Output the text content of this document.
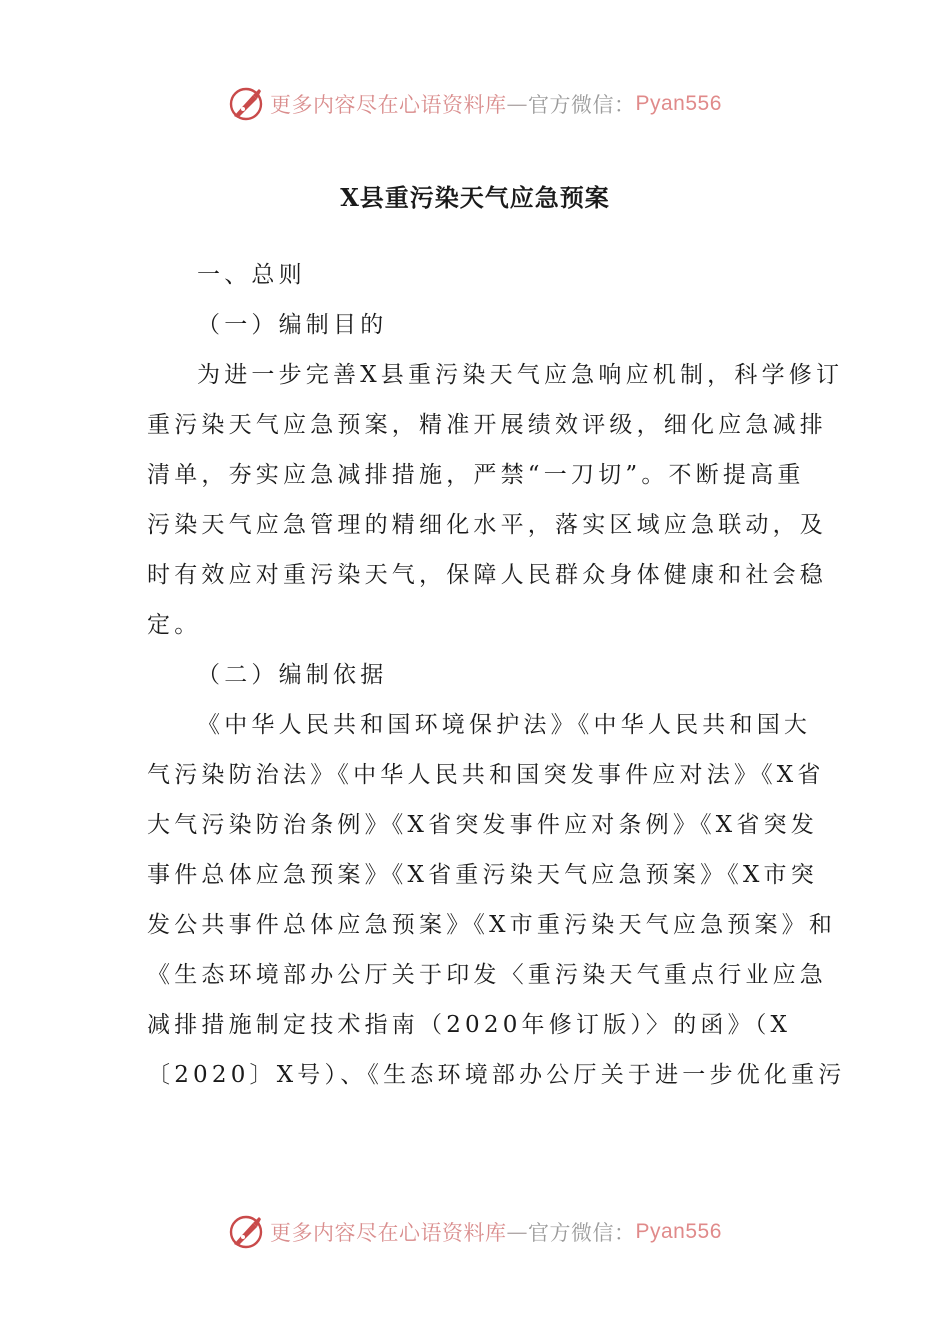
更多内容尽在心语资料库 — 官方微信： Pyan556
X县重污染天气应急预案
一、总则
（一）编制目的
为进一步完善X县重污染天气应急响应机制，科学修订
重污染天气应急预案，精准开展绩效评级，细化应急减排
清单，夯实应急减排措施，严禁“一刀切”。不断提高重
污染天气应急管理的精细化水平，落实区域应急联动，及
时有效应对重污染天气，保障人民群众身体健康和社会稳
定。
（二）编制依据
《中华人民共和国环境保护法》《中华人民共和国大
气污染防治法》《中华人民共和国突发事件应对法》《X省
大气污染防治条例》《X省突发事件应对条例》《X省突发
事件总体应急预案》《X省重污染天气应急预案》《X市突
发公共事件总体应急预案》《X市重污染天气应急预案》和
《生态环境部办公厅关于印发〈重污染天气重点行业应急
减排措施制定技术指南（2020年修订版）〉的函》（X
〔2020〕X号）、《生态环境部办公厅关于进一步优化重污
更多内容尽在心语资料库 — 官方微信： Pyan556
